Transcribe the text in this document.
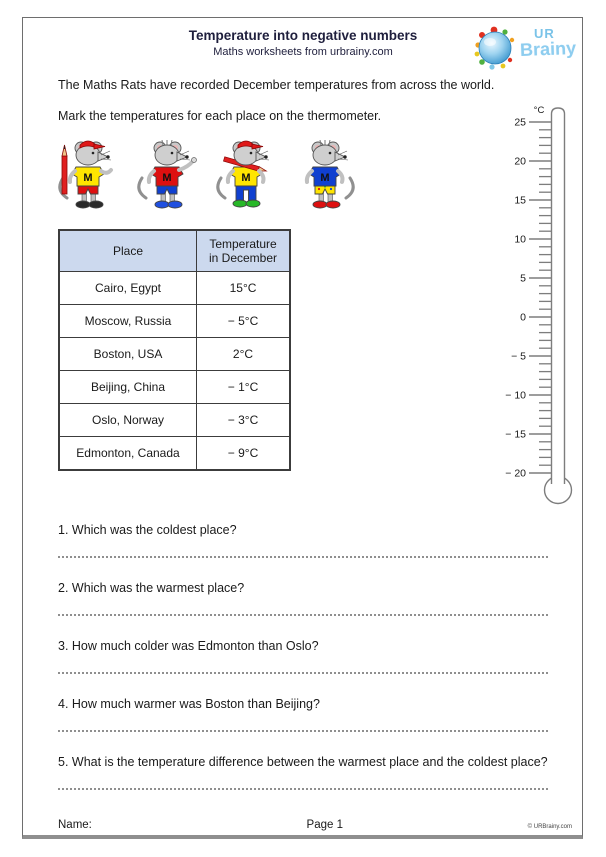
Temperature into negative numbers

Maths worksheets from urbrainy.com

UR
Brainy

The Maths Rats have recorded December temperatures from across the world.

Mark the temperatures for each place on the thermometer.

M	M	M	M
Place	Temperature
in December
Cairo, Egypt	15°C
Moscow, Russia	− 5°C
Boston, USA	2°C
Beijing, China	− 1°C
Oslo, Norway	− 3°C
Edmonton, Canada	− 9°C

1. Which was the coldest place?

2. Which was the warmest place?

3. How much colder was Edmonton than Oslo?

4. How much warmer was Boston than Beijing?

5. What is the temperature difference between the warmest place and the coldest place?

°C
25
20
15
10
5
0
− 5
− 10
− 15
− 20
Name:	Page 1	© URBrainy.com
